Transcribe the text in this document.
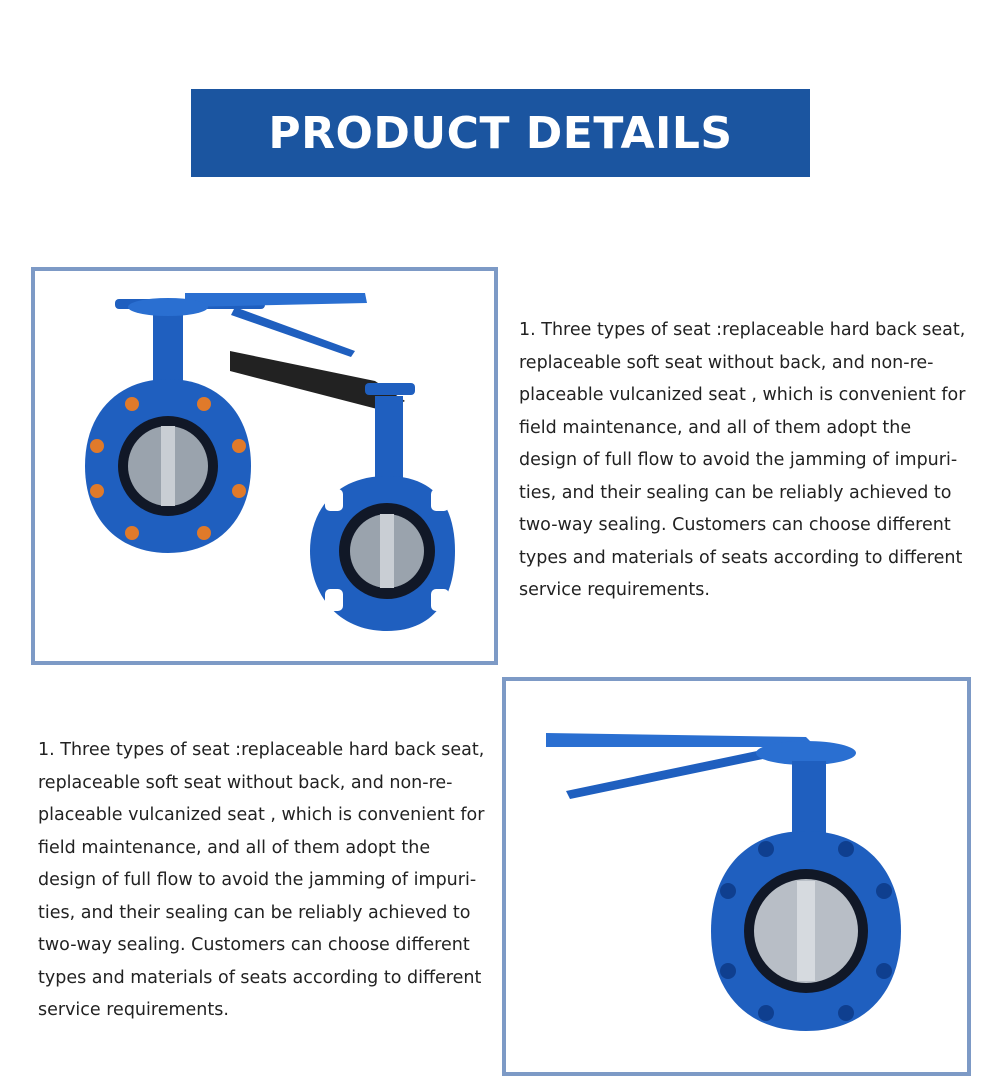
PRODUCT DETAILS

1. Three types of seat :replaceable hard back seat,
replaceable soft seat without back, and non-re-
placeable vulcanized seat , which is convenient for
field maintenance, and all of them adopt the
design of full flow to avoid the jamming of impuri-
ties, and their sealing can be reliably achieved to
two-way sealing. Customers can choose different
types and materials of seats according to different
service requirements.

1. Three types of seat :replaceable hard back seat,
replaceable soft seat without back, and non-re-
placeable vulcanized seat , which is convenient for
field maintenance, and all of them adopt the
design of full flow to avoid the jamming of impuri-
ties, and their sealing can be reliably achieved to
two-way sealing. Customers can choose different
types and materials of seats according to different
service requirements.
